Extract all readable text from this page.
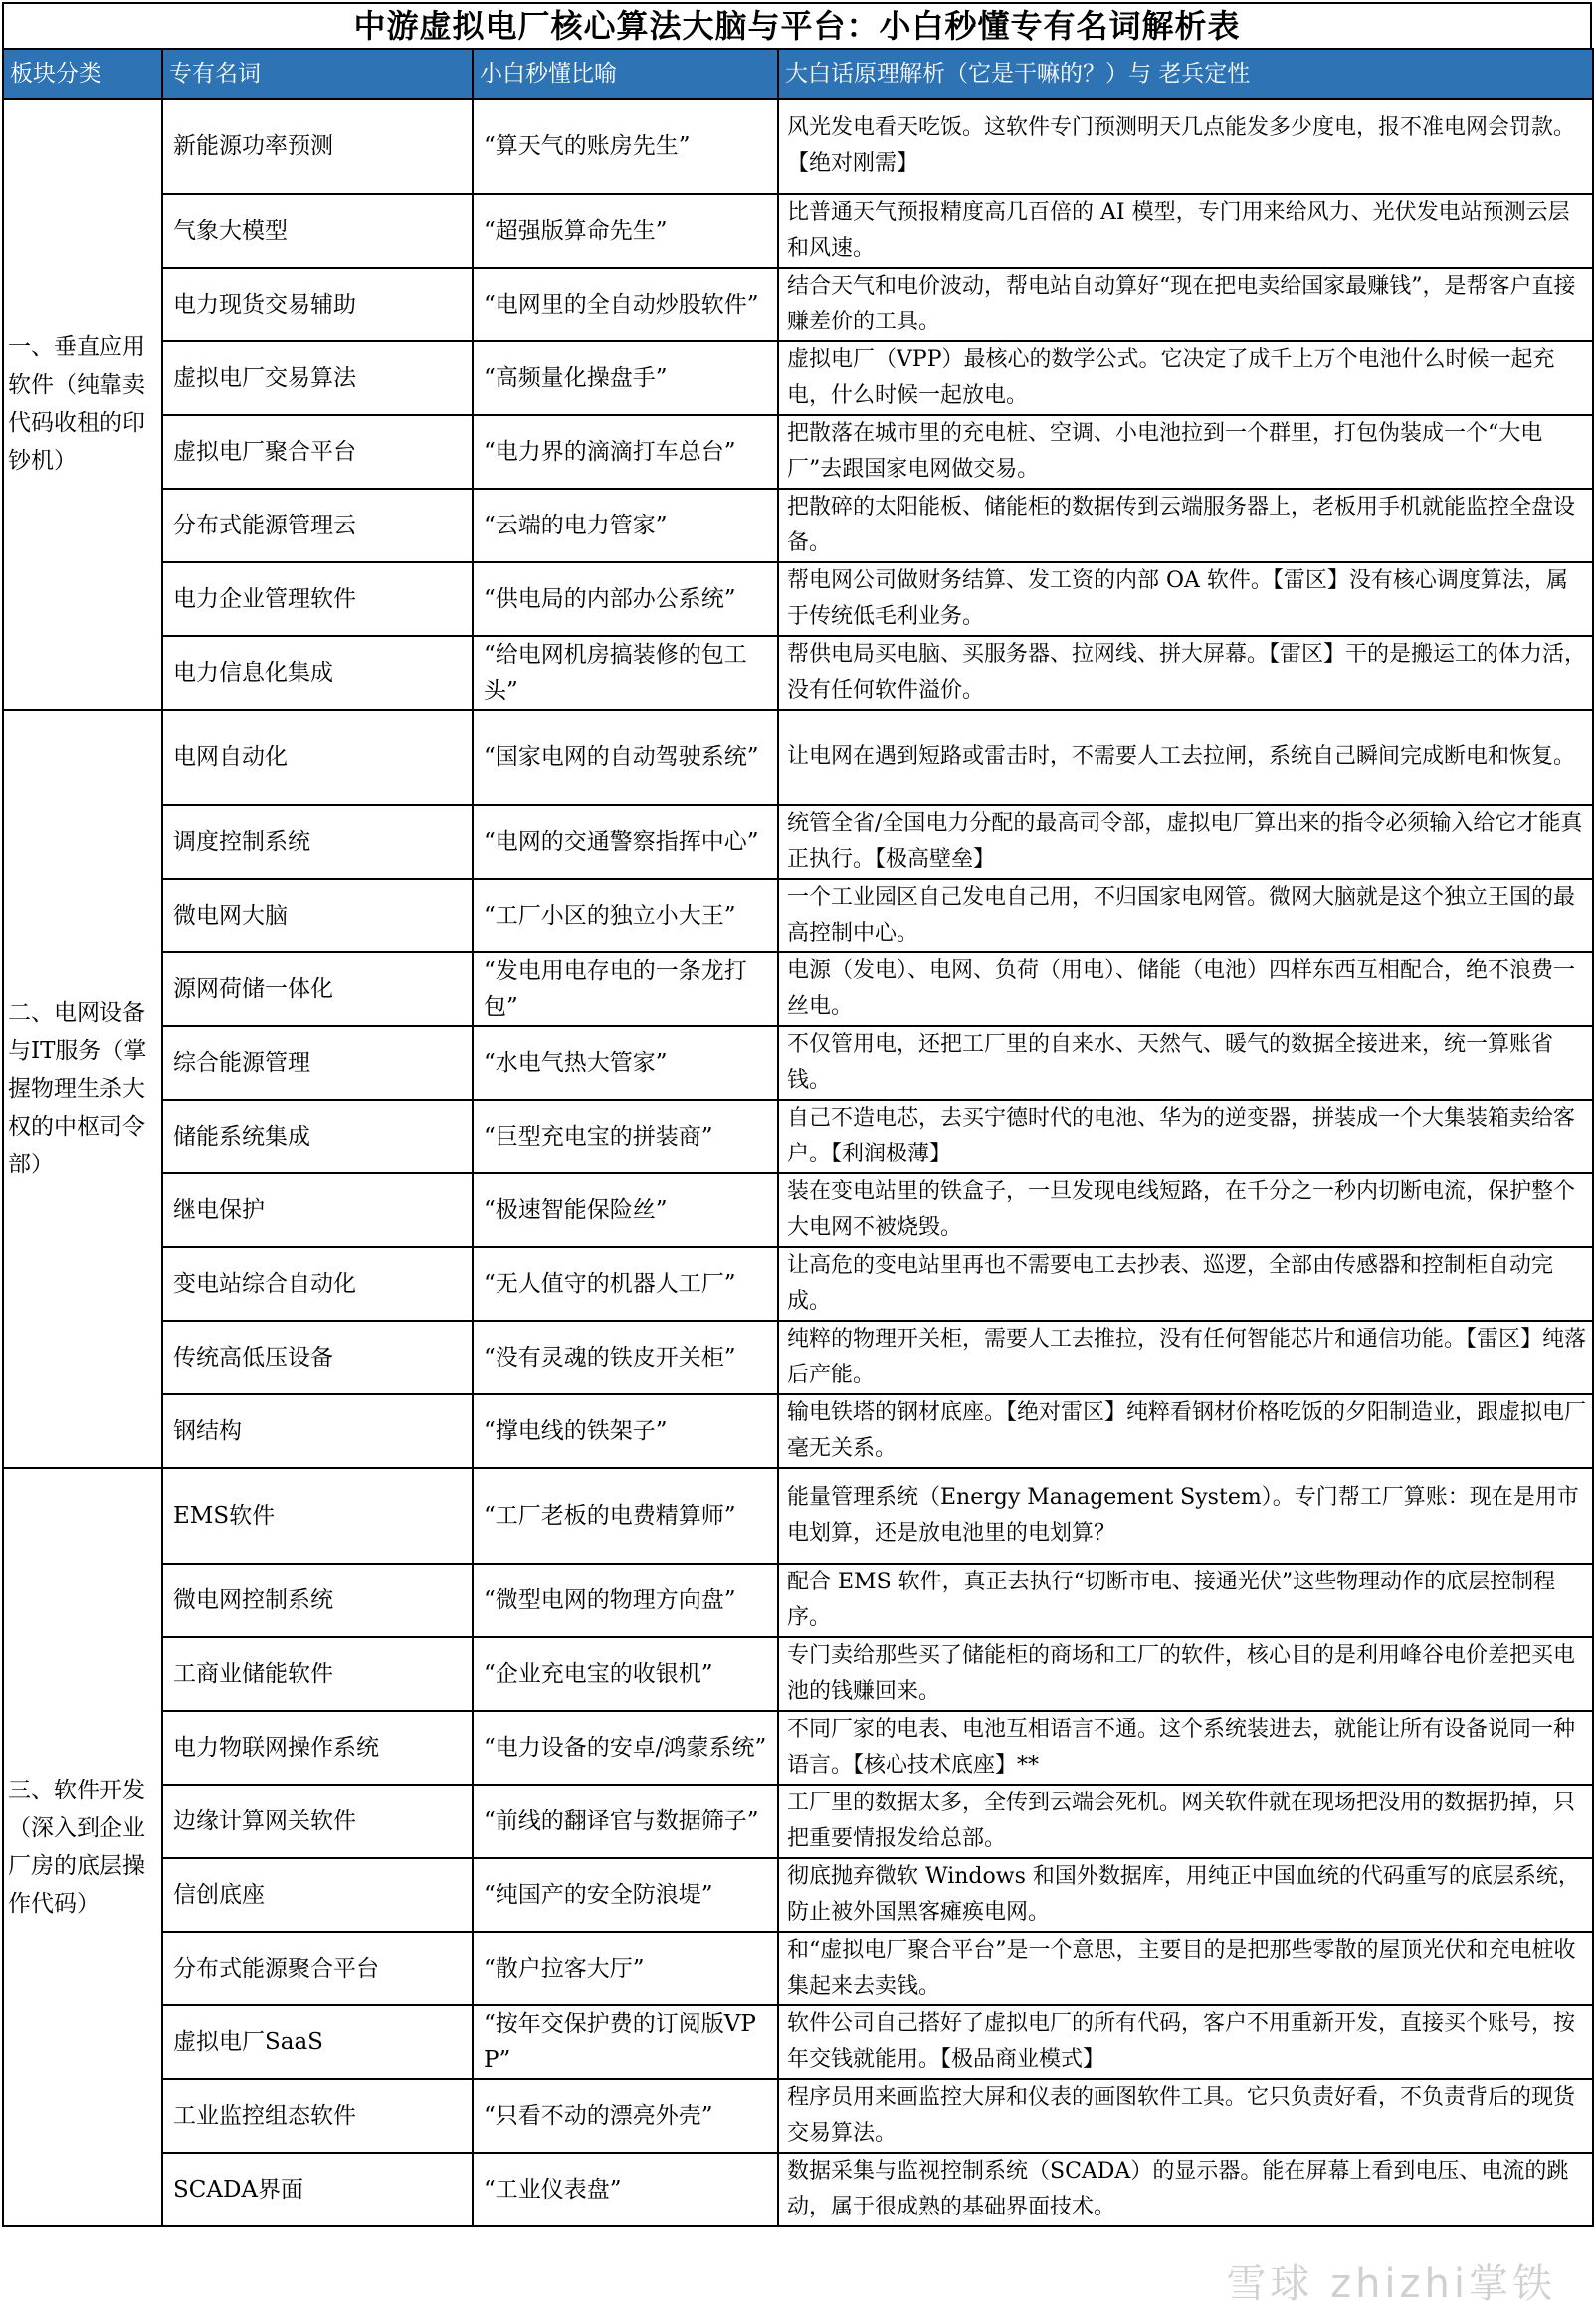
中游虚拟电厂核心算法大脑与平台：小白秒懂专有名词解析表
板块分类	专有名词	小白秒懂比喻	大白话原理解析（它是干嘛的？）与 老兵定性
一、垂直应用软件（纯靠卖代码收租的印钞机）	新能源功率预测	“算天气的账房先生”	风光发电看天吃饭。这软件专门预测明天几点能发多少度电，报不准电网会罚款。【绝对刚需】
	气象大模型	“超强版算命先生”	比普通天气预报精度高几百倍的 AI 模型，专门用来给风力、光伏发电站预测云层和风速。
	电力现货交易辅助	“电网里的全自动炒股软件”	结合天气和电价波动，帮电站自动算好“现在把电卖给国家最赚钱”，是帮客户直接赚差价的工具。
	虚拟电厂交易算法	“高频量化操盘手”	虚拟电厂（VPP）最核心的数学公式。它决定了成千上万个电池什么时候一起充电，什么时候一起放电。
	虚拟电厂聚合平台	“电力界的滴滴打车总台”	把散落在城市里的充电桩、空调、小电池拉到一个群里，打包伪装成一个“大电厂”去跟国家电网做交易。
	分布式能源管理云	“云端的电力管家”	把散碎的太阳能板、储能柜的数据传到云端服务器上，老板用手机就能监控全盘设备。
	电力企业管理软件	“供电局的内部办公系统”	帮电网公司做财务结算、发工资的内部 OA 软件。【雷区】没有核心调度算法，属于传统低毛利业务。
	电力信息化集成	“给电网机房搞装修的包工头”	帮供电局买电脑、买服务器、拉网线、拼大屏幕。【雷区】干的是搬运工的体力活，没有任何软件溢价。
二、电网设备与IT服务（掌握物理生杀大权的中枢司令部）	电网自动化	“国家电网的自动驾驶系统”	让电网在遇到短路或雷击时，不需要人工去拉闸，系统自己瞬间完成断电和恢复。
	调度控制系统	“电网的交通警察指挥中心”	统管全省/全国电力分配的最高司令部，虚拟电厂算出来的指令必须输入给它才能真正执行。【极高壁垒】
	微电网大脑	“工厂小区的独立小大王”	一个工业园区自己发电自己用，不归国家电网管。微网大脑就是这个独立王国的最高控制中心。
	源网荷储一体化	“发电用电存电的一条龙打包”	电源（发电）、电网、负荷（用电）、储能（电池）四样东西互相配合，绝不浪费一丝电。
	综合能源管理	“水电气热大管家”	不仅管用电，还把工厂里的自来水、天然气、暖气的数据全接进来，统一算账省钱。
	储能系统集成	“巨型充电宝的拼装商”	自己不造电芯，去买宁德时代的电池、华为的逆变器，拼装成一个大集装箱卖给客户。【利润极薄】
	继电保护	“极速智能保险丝”	装在变电站里的铁盒子，一旦发现电线短路，在千分之一秒内切断电流，保护整个大电网不被烧毁。
	变电站综合自动化	“无人值守的机器人工厂”	让高危的变电站里再也不需要电工去抄表、巡逻，全部由传感器和控制柜自动完成。
	传统高低压设备	“没有灵魂的铁皮开关柜”	纯粹的物理开关柜，需要人工去推拉，没有任何智能芯片和通信功能。【雷区】纯落后产能。
	钢结构	“撑电线的铁架子”	输电铁塔的钢材底座。【绝对雷区】纯粹看钢材价格吃饭的夕阳制造业，跟虚拟电厂毫无关系。
三、软件开发（深入到企业厂房的底层操作代码）	EMS软件	“工厂老板的电费精算师”	能量管理系统（Energy Management System）。专门帮工厂算账：现在是用市电划算，还是放电池里的电划算？
	微电网控制系统	“微型电网的物理方向盘”	配合 EMS 软件，真正去执行“切断市电、接通光伏”这些物理动作的底层控制程序。
	工商业储能软件	“企业充电宝的收银机”	专门卖给那些买了储能柜的商场和工厂的软件，核心目的是利用峰谷电价差把买电池的钱赚回来。
	电力物联网操作系统	“电力设备的安卓/鸿蒙系统”	不同厂家的电表、电池互相语言不通。这个系统装进去，就能让所有设备说同一种语言。【核心技术底座】**
	边缘计算网关软件	“前线的翻译官与数据筛子”	工厂里的数据太多，全传到云端会死机。网关软件就在现场把没用的数据扔掉，只把重要情报发给总部。
	信创底座	“纯国产的安全防浪堤”	彻底抛弃微软 Windows 和国外数据库，用纯正中国血统的代码重写的底层系统，防止被外国黑客瘫痪电网。
	分布式能源聚合平台	“散户拉客大厅”	和“虚拟电厂聚合平台”是一个意思，主要目的是把那些零散的屋顶光伏和充电桩收集起来去卖钱。
	虚拟电厂SaaS	“按年交保护费的订阅版VPP”	软件公司自己搭好了虚拟电厂的所有代码，客户不用重新开发，直接买个账号，按年交钱就能用。【极品商业模式】
	工业监控组态软件	“只看不动的漂亮外壳”	程序员用来画监控大屏和仪表的画图软件工具。它只负责好看，不负责背后的现货交易算法。
	SCADA界面	“工业仪表盘”	数据采集与监视控制系统（SCADA）的显示器。能在屏幕上看到电压、电流的跳动，属于很成熟的基础界面技术。
雪球 zhizhi掌铁
